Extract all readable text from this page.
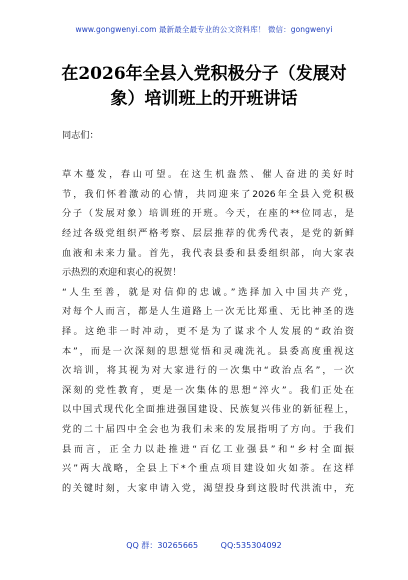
www.gongwenyi.com 最新最全最专业的公文资料库！ 微信：gongwenyi
在2026年全县入党积极分子（发展对
象）培训班上的开班讲话
同志们：
草木蔓发，春山可望。在这生机盎然、催人奋进的美好时
节，我们怀着激动的心情，共同迎来了2026年全县入党积极
分子（发展对象）培训班的开班。今天，在座的**位同志，是
经过各级党组织严格考察、层层推荐的优秀代表，是党的新鲜
血液和未来力量。首先，我代表县委和县委组织部，向大家表
示热烈的欢迎和衷心的祝贺！
“人生至善，就是对信仰的忠诚。”选择加入中国共产党，
对每个人而言，都是人生道路上一次无比郑重、无比神圣的选
择。这绝非一时冲动，更不是为了谋求个人发展的“政治资
本”，而是一次深刻的思想觉悟和灵魂洗礼。县委高度重视这
次培训，将其视为对大家进行的一次集中“政治点名”，一次
深刻的党性教育，更是一次集体的思想“淬火”。我们正处在
以中国式现代化全面推进强国建设、民族复兴伟业的新征程上，
党的二十届四中全会也为我们未来的发展指明了方向。于我们
县而言，正全力以赴推进“百亿工业强县”和“乡村全面振
兴”两大战略，全县上下*个重点项目建设如火如荼。在这样
的关键时刻，大家申请入党，渴望投身到这股时代洪流中，充
QQ 群：30265665	QQ:535304092
